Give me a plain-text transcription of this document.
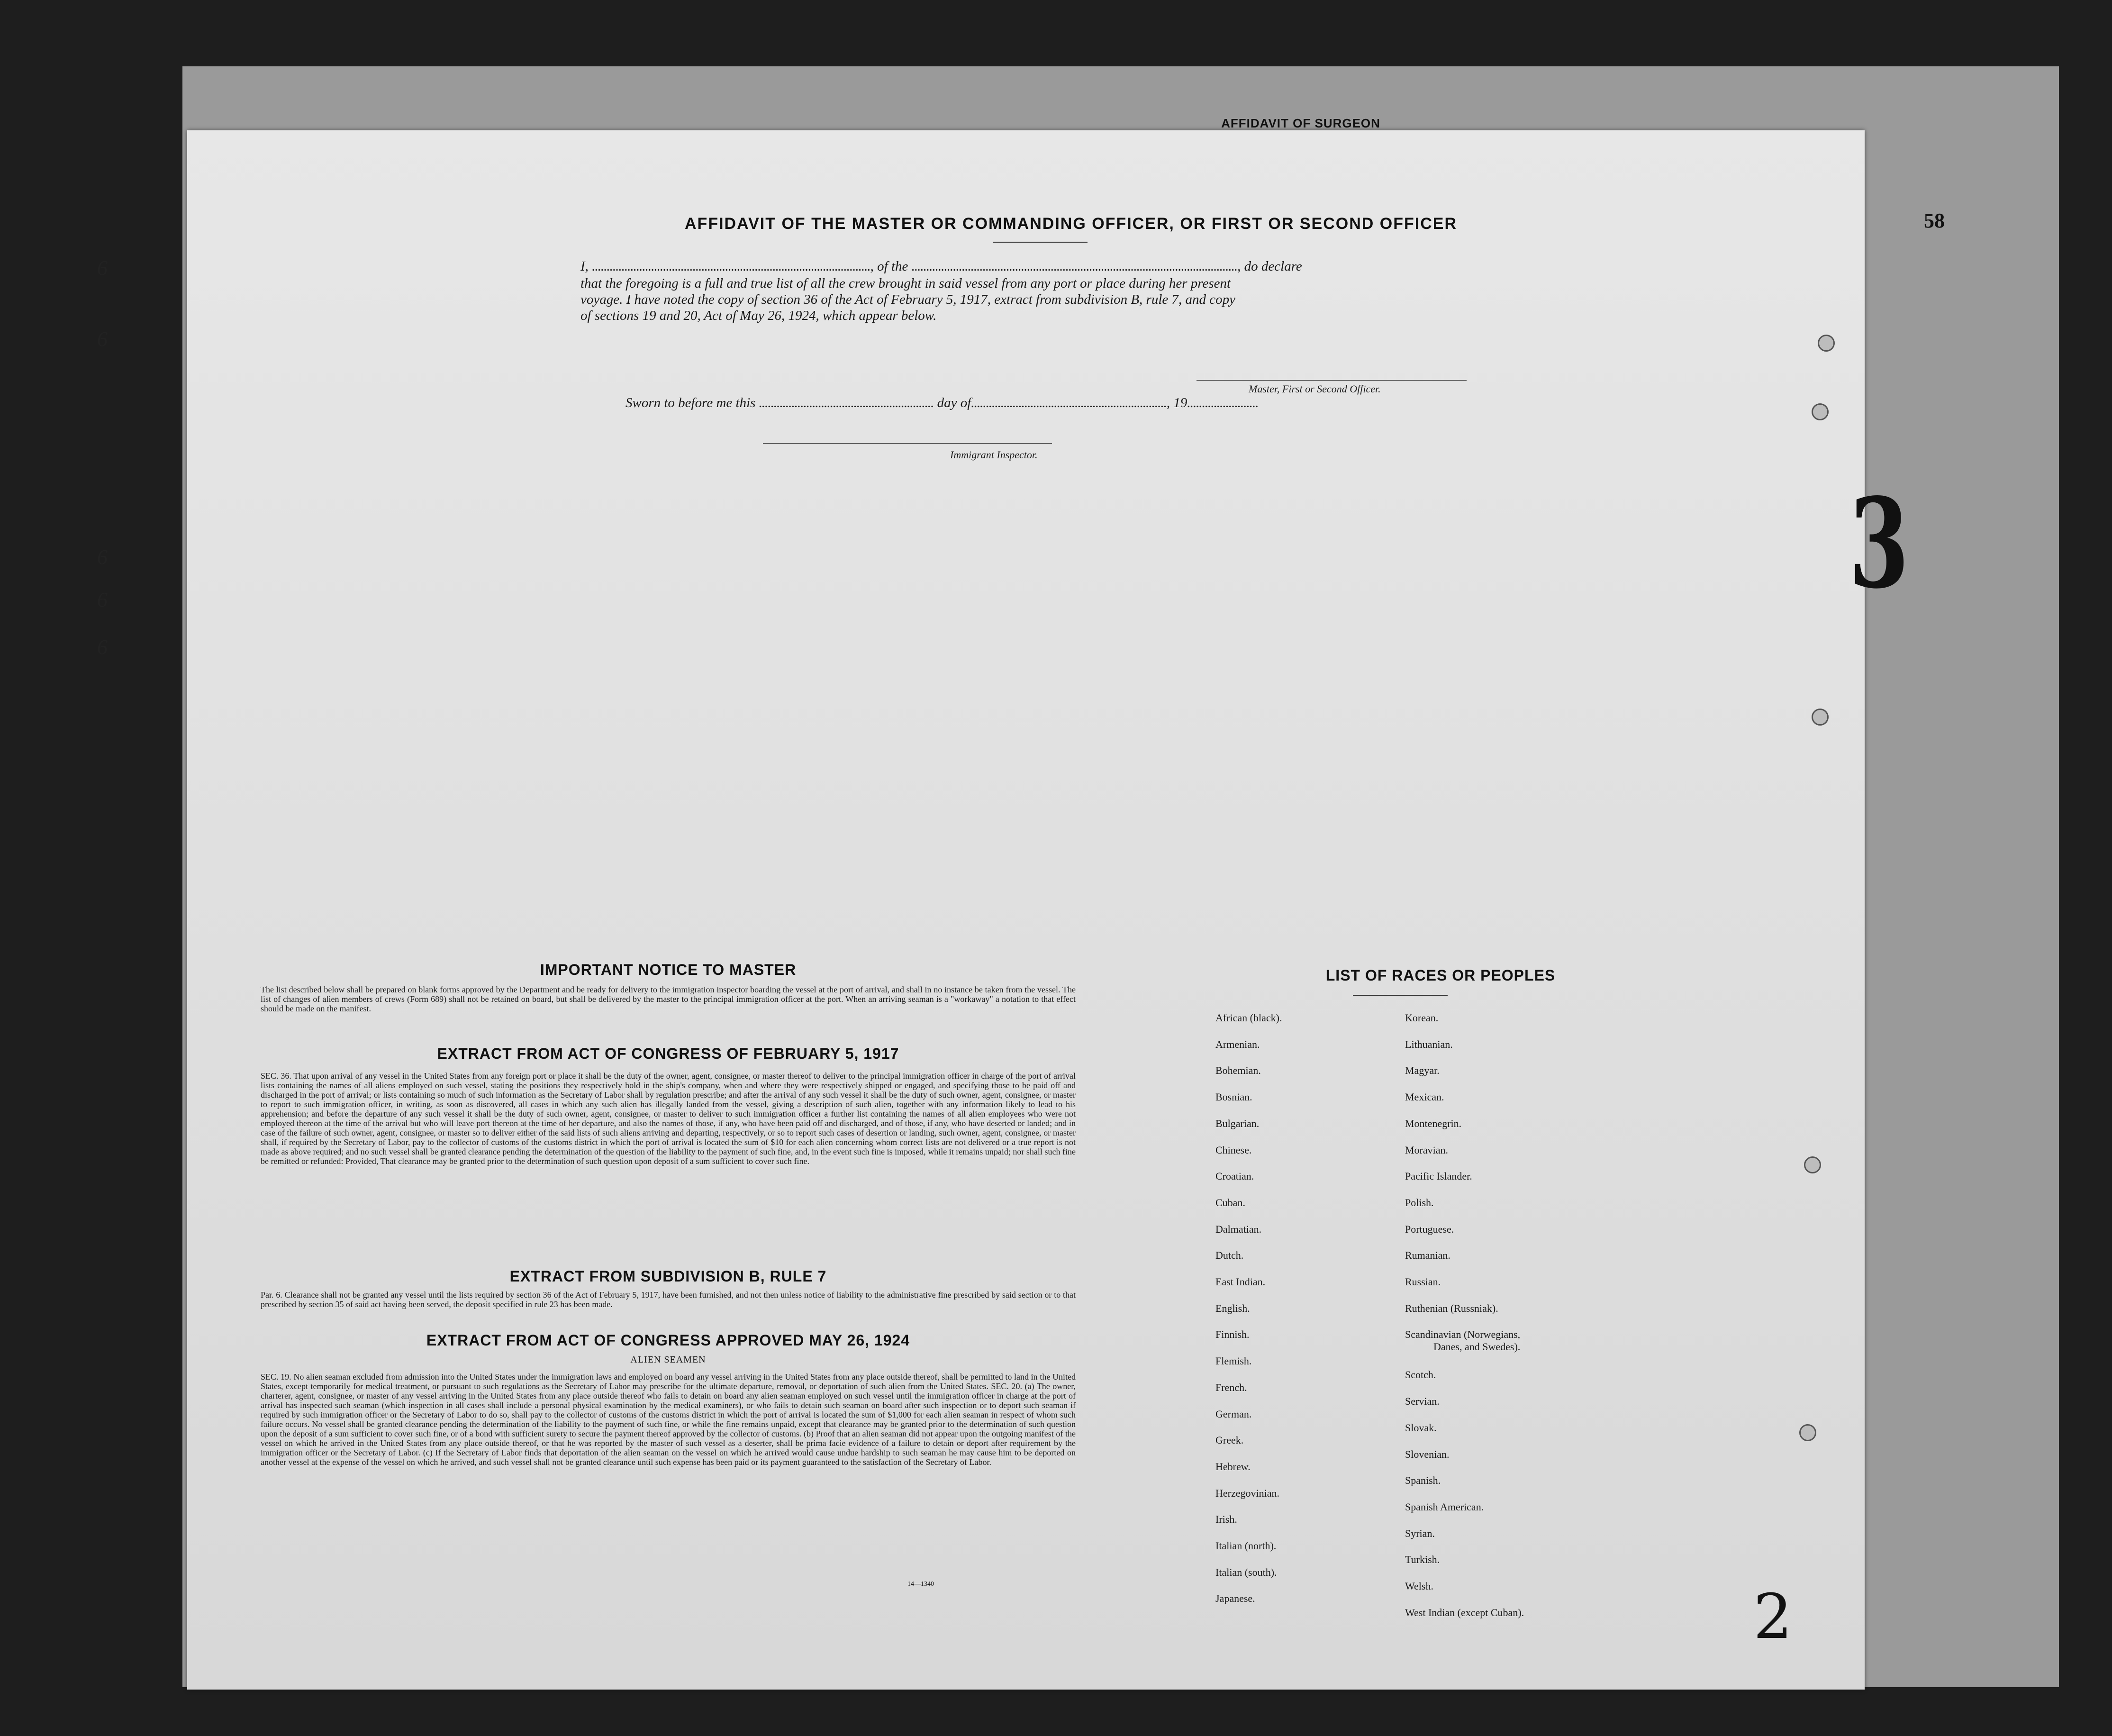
AFFIDAVIT OF SURGEON
6
6
6
6
6
AFFIDAVIT OF THE MASTER OR COMMANDING OFFICER, OR FIRST OR SECOND OFFICER
I, .............................................................................................., of the .............................................................................................................., do declare
that the foregoing is a full and true list of all the crew brought in said vessel from any port or place during her present
voyage. I have noted the copy of section 36 of the Act of February 5, 1917, extract from subdivision B, rule 7, and copy
of sections 19 and 20, Act of May 26, 1924, which appear below.
Master, First or Second Officer.
Sworn to before me this ........................................................... day of.................................................................., 19........................
Immigrant Inspector.
IMPORTANT NOTICE TO MASTER
The list described below shall be prepared on blank forms approved by the Department and be ready for delivery to the immigration inspector boarding the vessel at the port of arrival, and shall in no instance be taken from the vessel. The list of changes of alien members of crews (Form 689) shall not be retained on board, but shall be delivered by the master to the principal immigration officer at the port. When an arriving seaman is a "workaway" a notation to that effect should be made on the manifest.
EXTRACT FROM ACT OF CONGRESS OF FEBRUARY 5, 1917
SEC. 36. That upon arrival of any vessel in the United States from any foreign port or place it shall be the duty of the owner, agent, consignee, or master thereof to deliver to the principal immigration officer in charge of the port of arrival lists containing the names of all aliens employed on such vessel, stating the positions they respectively hold in the ship's company, when and where they were respectively shipped or engaged, and specifying those to be paid off and discharged in the port of arrival; or lists containing so much of such information as the Secretary of Labor shall by regulation prescribe; and after the arrival of any such vessel it shall be the duty of such owner, agent, consignee, or master to report to such immigration officer, in writing, as soon as discovered, all cases in which any such alien has illegally landed from the vessel, giving a description of such alien, together with any information likely to lead to his apprehension; and before the departure of any such vessel it shall be the duty of such owner, agent, consignee, or master to deliver to such immigration officer a further list containing the names of all alien employees who were not employed thereon at the time of the arrival but who will leave port thereon at the time of her departure, and also the names of those, if any, who have been paid off and discharged, and of those, if any, who have deserted or landed; and in case of the failure of such owner, agent, consignee, or master so to deliver either of the said lists of such aliens arriving and departing, respectively, or so to report such cases of desertion or landing, such owner, agent, consignee, or master shall, if required by the Secretary of Labor, pay to the collector of customs of the customs district in which the port of arrival is located the sum of $10 for each alien concerning whom correct lists are not delivered or a true report is not made as above required; and no such vessel shall be granted clearance pending the determination of the question of the liability to the payment of such fine, and, in the event such fine is imposed, while it remains unpaid; nor shall such fine be remitted or refunded: Provided, That clearance may be granted prior to the determination of such question upon deposit of a sum sufficient to cover such fine.
EXTRACT FROM SUBDIVISION B, RULE 7
Par. 6. Clearance shall not be granted any vessel until the lists required by section 36 of the Act of February 5, 1917, have been furnished, and not then unless notice of liability to the administrative fine prescribed by said section or to that prescribed by section 35 of said act having been served, the deposit specified in rule 23 has been made.
EXTRACT FROM ACT OF CONGRESS APPROVED MAY 26, 1924
ALIEN SEAMEN
SEC. 19. No alien seaman excluded from admission into the United States under the immigration laws and employed on board any vessel arriving in the United States from any place outside thereof, shall be permitted to land in the United States, except temporarily for medical treatment, or pursuant to such regulations as the Secretary of Labor may prescribe for the ultimate departure, removal, or deportation of such alien from the United States. SEC. 20. (a) The owner, charterer, agent, consignee, or master of any vessel arriving in the United States from any place outside thereof who fails to detain on board any alien seaman employed on such vessel until the immigration officer in charge at the port of arrival has inspected such seaman (which inspection in all cases shall include a personal physical examination by the medical examiners), or who fails to detain such seaman on board after such inspection or to deport such seaman if required by such immigration officer or the Secretary of Labor to do so, shall pay to the collector of customs of the customs district in which the port of arrival is located the sum of $1,000 for each alien seaman in respect of whom such failure occurs. No vessel shall be granted clearance pending the determination of the liability to the payment of such fine, or while the fine remains unpaid, except that clearance may be granted prior to the determination of such question upon the deposit of a sum sufficient to cover such fine, or of a bond with sufficient surety to secure the payment thereof approved by the collector of customs. (b) Proof that an alien seaman did not appear upon the outgoing manifest of the vessel on which he arrived in the United States from any place outside thereof, or that he was reported by the master of such vessel as a deserter, shall be prima facie evidence of a failure to detain or deport after requirement by the immigration officer or the Secretary of Labor. (c) If the Secretary of Labor finds that deportation of the alien seaman on the vessel on which he arrived would cause undue hardship to such seaman he may cause him to be deported on another vessel at the expense of the vessel on which he arrived, and such vessel shall not be granted clearance until such expense has been paid or its payment guaranteed to the satisfaction of the Secretary of Labor.
14—1340
LIST OF RACES OR PEOPLES
3
2
African (black).
Armenian.
Bohemian.
Bosnian.
Bulgarian.
Chinese.
Croatian.
Cuban.
Dalmatian.
Dutch.
East Indian.
English.
Finnish.
Flemish.
French.
German.
Greek.
Hebrew.
Herzegovinian.
Irish.
Italian (north).
Italian (south).
Japanese.
Korean.
Lithuanian.
Magyar.
Mexican.
Montenegrin.
Moravian.
Pacific Islander.
Polish.
Portuguese.
Rumanian.
Russian.
Ruthenian (Russniak).
Scandinavian (Norwegians,
Danes, and Swedes).
Scotch.
Servian.
Slovak.
Slovenian.
Spanish.
Spanish American.
Syrian.
Turkish.
Welsh.
West Indian (except Cuban).
58
